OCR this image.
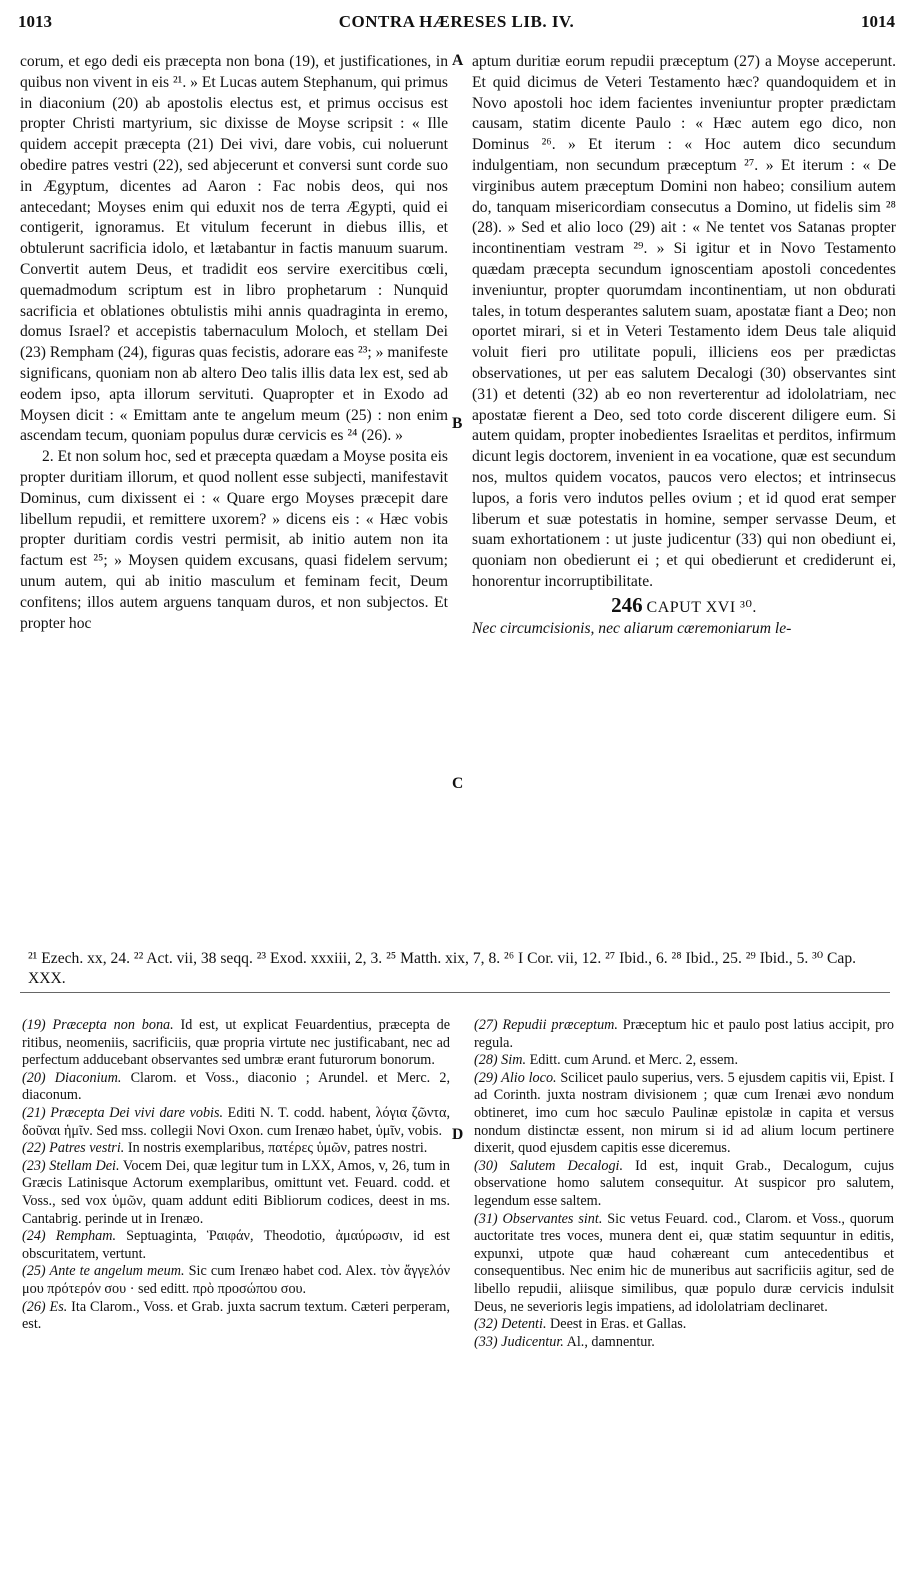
1013	CONTRA HÆRESES LIB. IV.	1014
A
B
C
D

corum, et ego dedi eis præcepta non bona (19), et justificationes, in quibus non vivent in eis ²¹. » Et Lucas autem Stephanum, qui primus in diaconium (20) ab apostolis electus est, et primus occisus est propter Christi martyrium, sic dixisse de Moyse scripsit : « Ille quidem accepit præcepta (21) Dei vivi, dare vobis, cui noluerunt obedire patres vestri (22), sed abjecerunt et conversi sunt corde suo in Ægyptum, dicentes ad Aaron : Fac nobis deos, qui nos antecedant; Moyses enim qui eduxit nos de terra Ægypti, quid ei contigerit, ignoramus. Et vitulum fecerunt in diebus illis, et obtulerunt sacrificia idolo, et lætabantur in factis manuum suarum. Convertit autem Deus, et tradidit eos servire exercitibus cœli, quemadmodum scriptum est in libro prophetarum : Nunquid sacrificia et oblationes obtulistis mihi annis quadraginta in eremo, domus Israel? et accepistis tabernaculum Moloch, et stellam Dei (23) Rempham (24), figuras quas fecistis, adorare eas ²³; » manifeste significans, quoniam non ab altero Deo talis illis data lex est, sed ab eodem ipso, apta illorum servituti. Quapropter et in Exodo ad Moysen dicit : « Emittam ante te angelum meum (25) : non enim ascendam tecum, quoniam populus duræ cervicis es ²⁴ (26). »

2. Et non solum hoc, sed et præcepta quædam a Moyse posita eis propter duritiam illorum, et quod nollent esse subjecti, manifestavit Dominus, cum dixissent ei : « Quare ergo Moyses præcepit dare libellum repudii, et remittere uxorem? » dicens eis : « Hæc vobis propter duritiam cordis vestri permisit, ab initio autem non ita factum est ²⁵; » Moysen quidem excusans, quasi fidelem servum; unum autem, qui ab initio masculum et feminam fecit, Deum confitens; illos autem arguens tanquam duros, et non subjectos. Et propter hoc

aptum duritiæ eorum repudii præceptum (27) a Moyse acceperunt. Et quid dicimus de Veteri Testamento hæc? quandoquidem et in Novo apostoli hoc idem facientes inveniuntur propter prædictam causam, statim dicente Paulo : « Hæc autem ego dico, non Dominus ²⁶. » Et iterum : « Hoc autem dico secundum indulgentiam, non secundum præceptum ²⁷. » Et iterum : « De virginibus autem præceptum Domini non habeo; consilium autem do, tanquam misericordiam consecutus a Domino, ut fidelis sim ²⁸ (28). » Sed et alio loco (29) ait : « Ne tentet vos Satanas propter incontinentiam vestram ²⁹. » Si igitur et in Novo Testamento quædam præcepta secundum ignoscentiam apostoli concedentes inveniuntur, propter quorumdam incontinentiam, ut non obdurati tales, in totum desperantes salutem suam, apostatæ fiant a Deo; non oportet mirari, si et in Veteri Testamento idem Deus tale aliquid voluit fieri pro utilitate populi, illiciens eos per prædictas observationes, ut per eas salutem Decalogi (30) observantes sint (31) et detenti (32) ab eo non reverterentur ad idololatriam, nec apostatæ fierent a Deo, sed toto corde discerent diligere eum. Si autem quidam, propter inobedientes Israelitas et perditos, infirmum dicunt legis doctorem, invenient in ea vocatione, quæ est secundum nos, multos quidem vocatos, paucos vero electos; et intrinsecus lupos, a foris vero indutos pelles ovium ; et id quod erat semper liberum et suæ potestatis in homine, semper servasse Deum, et suam exhortationem : ut juste judicentur (33) qui non obediunt ei, quoniam non obedierunt ei ; et qui obedierunt et crediderunt ei, honorentur incorruptibilitate.

246 CAPUT XVI ³⁰.

Nec circumcisionis, nec aliarum cæremoniarum le-

²¹ Ezech. xx, 24. ²² Act. vii, 38 seqq. ²³ Exod. xxxiii, 2, 3. ²⁵ Matth. xix, 7, 8. ²⁶ I Cor. vii, 12. ²⁷ Ibid., 6. ²⁸ Ibid., 25. ²⁹ Ibid., 5. ³⁰ Cap. XXX.

(19) Præcepta non bona. Id est, ut explicat Feuardentius, præcepta de ritibus, neomeniis, sacrificiis, quæ propria virtute nec justificabant, nec ad perfectum adducebant observantes sed umbræ erant futurorum bonorum.

(20) Diaconium. Clarom. et Voss., diaconio ; Arundel. et Merc. 2, diaconum.

(21) Præcepta Dei vivi dare vobis. Editi N. T. codd. habent, λόγια ζῶντα, δοῦναι ἡμῖν. Sed mss. collegii Novi Oxon. cum Irenæo habet, ὑμῖν, vobis.

(22) Patres vestri. In nostris exemplaribus, πατέρες ὑμῶν, patres nostri.

(23) Stellam Dei. Vocem Dei, quæ legitur tum in LXX, Amos, v, 26, tum in Græcis Latinisque Actorum exemplaribus, omittunt vet. Feuard. codd. et Voss., sed vox ὑμῶν, quam addunt editi Bibliorum codices, deest in ms. Cantabrig. perinde ut in Irenæo.

(24) Rempham. Septuaginta, Ῥαιφάν, Theodotio, ἀμαύρωσιν, id est obscuritatem, vertunt.

(25) Ante te angelum meum. Sic cum Irenæo habet cod. Alex. τὸν ἄγγελόν μου πρότερόν σου · sed editt. πρὸ προσώπου σου.

(26) Es. Ita Clarom., Voss. et Grab. juxta sacrum textum. Cæteri perperam, est.

(27) Repudii præceptum. Præceptum hic et paulo post latius accipit, pro regula.

(28) Sim. Editt. cum Arund. et Merc. 2, essem.

(29) Alio loco. Scilicet paulo superius, vers. 5 ejusdem capitis vii, Epist. I ad Corinth. juxta nostram divisionem ; quæ cum Irenæi ævo nondum obtineret, imo cum hoc sæculo Paulinæ epistolæ in capita et versus nondum distinctæ essent, non mirum si id ad alium locum pertinere dixerit, quod ejusdem capitis esse diceremus.

(30) Salutem Decalogi. Id est, inquit Grab., Decalogum, cujus observatione homo salutem consequitur. At suspicor pro salutem, legendum esse saltem.

(31) Observantes sint. Sic vetus Feuard. cod., Clarom. et Voss., quorum auctoritate tres voces, munera dent ei, quæ statim sequuntur in editis, expunxi, utpote quæ haud cohæreant cum antecedentibus et consequentibus. Nec enim hic de muneribus aut sacrificiis agitur, sed de libello repudii, aliisque similibus, quæ populo duræ cervicis indulsit Deus, ne severioris legis impatiens, ad idololatriam declinaret.

(32) Detenti. Deest in Eras. et Gallas.

(33) Judicentur. Al., damnentur.
